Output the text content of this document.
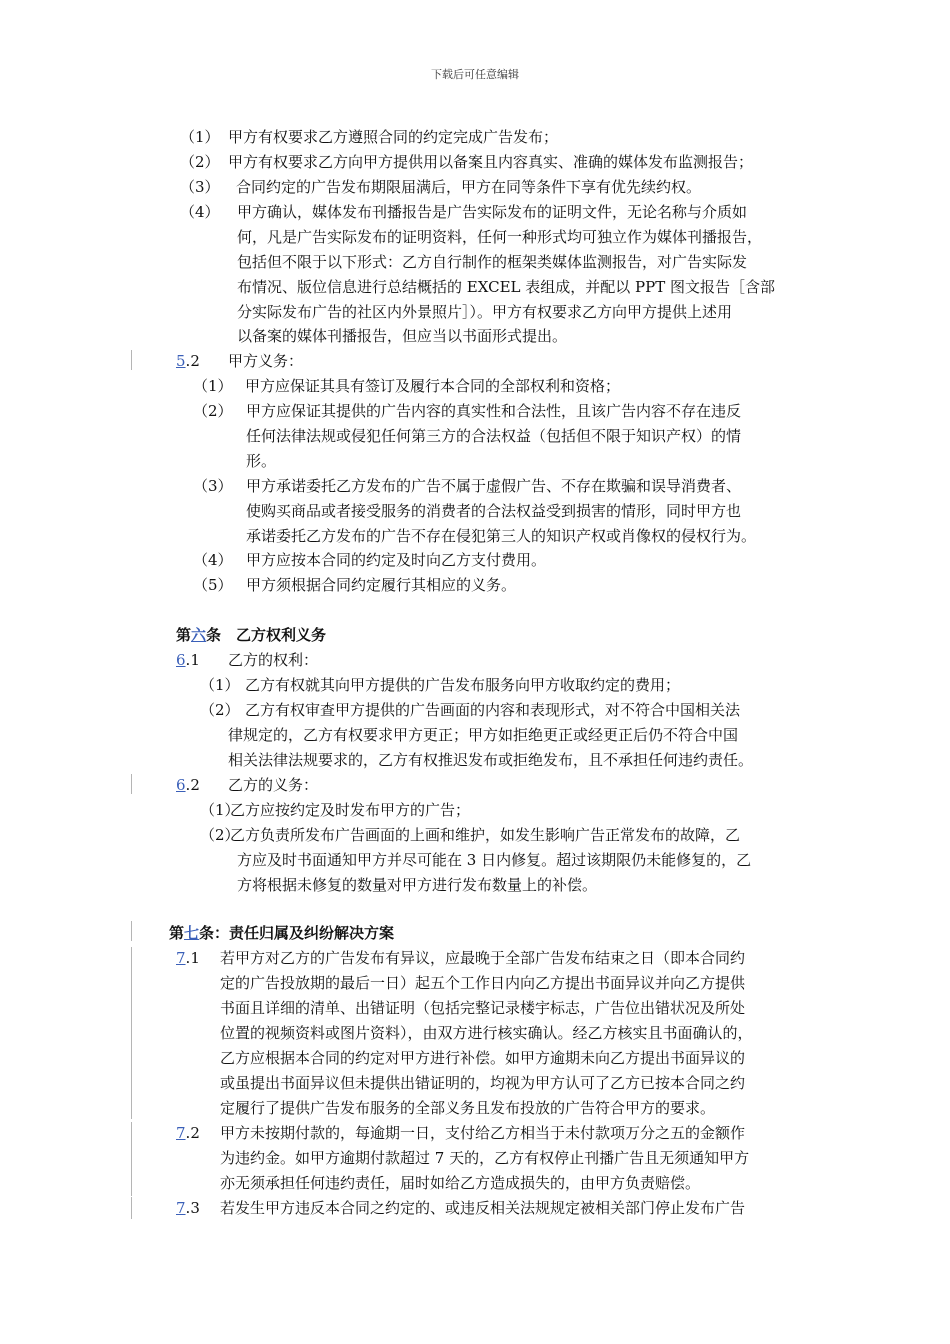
下载后可任意编辑
（1） 甲方有权要求乙方遵照合同的约定完成广告发布；
（2） 甲方有权要求乙方向甲方提供用以备案且内容真实、准确的媒体发布监测报告；
（3） 合同约定的广告发布期限届满后，甲方在同等条件下享有优先续约权。
（4） 甲方确认，媒体发布刊播报告是广告实际发布的证明文件，无论名称与介质如
何，凡是广告实际发布的证明资料，任何一种形式均可独立作为媒体刊播报告，
包括但不限于以下形式：乙方自行制作的框架类媒体监测报告，对广告实际发
布情况、版位信息进行总结概括的 EXCEL 表组成，并配以 PPT 图文报告［含部
分实际发布广告的社区内外景照片］）。甲方有权要求乙方向甲方提供上述用
以备案的媒体刊播报告，但应当以书面形式提出。
5.2 甲方义务：
（1） 甲方应保证其具有签订及履行本合同的全部权利和资格；
（2） 甲方应保证其提供的广告内容的真实性和合法性，且该广告内容不存在违反
任何法律法规或侵犯任何第三方的合法权益（包括但不限于知识产权）的情
形。
（3） 甲方承诺委托乙方发布的广告不属于虚假广告、不存在欺骗和误导消费者、
使购买商品或者接受服务的消费者的合法权益受到损害的情形，同时甲方也
承诺委托乙方发布的广告不存在侵犯第三人的知识产权或肖像权的侵权行为。
（4） 甲方应按本合同的约定及时向乙方支付费用。
（5） 甲方须根据合同约定履行其相应的义务。
第六条　乙方权利义务
6.1 乙方的权利：
（1） 乙方有权就其向甲方提供的广告发布服务向甲方收取约定的费用；
（2） 乙方有权审查甲方提供的广告画面的内容和表现形式，对不符合中国相关法
律规定的，乙方有权要求甲方更正；甲方如拒绝更正或经更正后仍不符合中国
相关法律法规要求的，乙方有权推迟发布或拒绝发布，且不承担任何违约责任。
6.2 乙方的义务：
（1）乙方应按约定及时发布甲方的广告；
（2）乙方负责所发布广告画面的上画和维护，如发生影响广告正常发布的故障，乙
方应及时书面通知甲方并尽可能在 3 日内修复。超过该期限仍未能修复的，乙
方将根据未修复的数量对甲方进行发布数量上的补偿。
第七条：责任归属及纠纷解决方案
7.1 若甲方对乙方的广告发布有异议，应最晚于全部广告发布结束之日（即本合同约
定的广告投放期的最后一日）起五个工作日内向乙方提出书面异议并向乙方提供
书面且详细的清单、出错证明（包括完整记录楼宇标志，广告位出错状况及所处
位置的视频资料或图片资料），由双方进行核实确认。经乙方核实且书面确认的，
乙方应根据本合同的约定对甲方进行补偿。如甲方逾期未向乙方提出书面异议的
或虽提出书面异议但未提供出错证明的，均视为甲方认可了乙方已按本合同之约
定履行了提供广告发布服务的全部义务且发布投放的广告符合甲方的要求。
7.2 甲方未按期付款的，每逾期一日，支付给乙方相当于未付款项万分之五的金额作
为违约金。如甲方逾期付款超过 7 天的，乙方有权停止刊播广告且无须通知甲方
亦无须承担任何违约责任，届时如给乙方造成损失的，由甲方负责赔偿。
7.3 若发生甲方违反本合同之约定的、或违反相关法规规定被相关部门停止发布广告
